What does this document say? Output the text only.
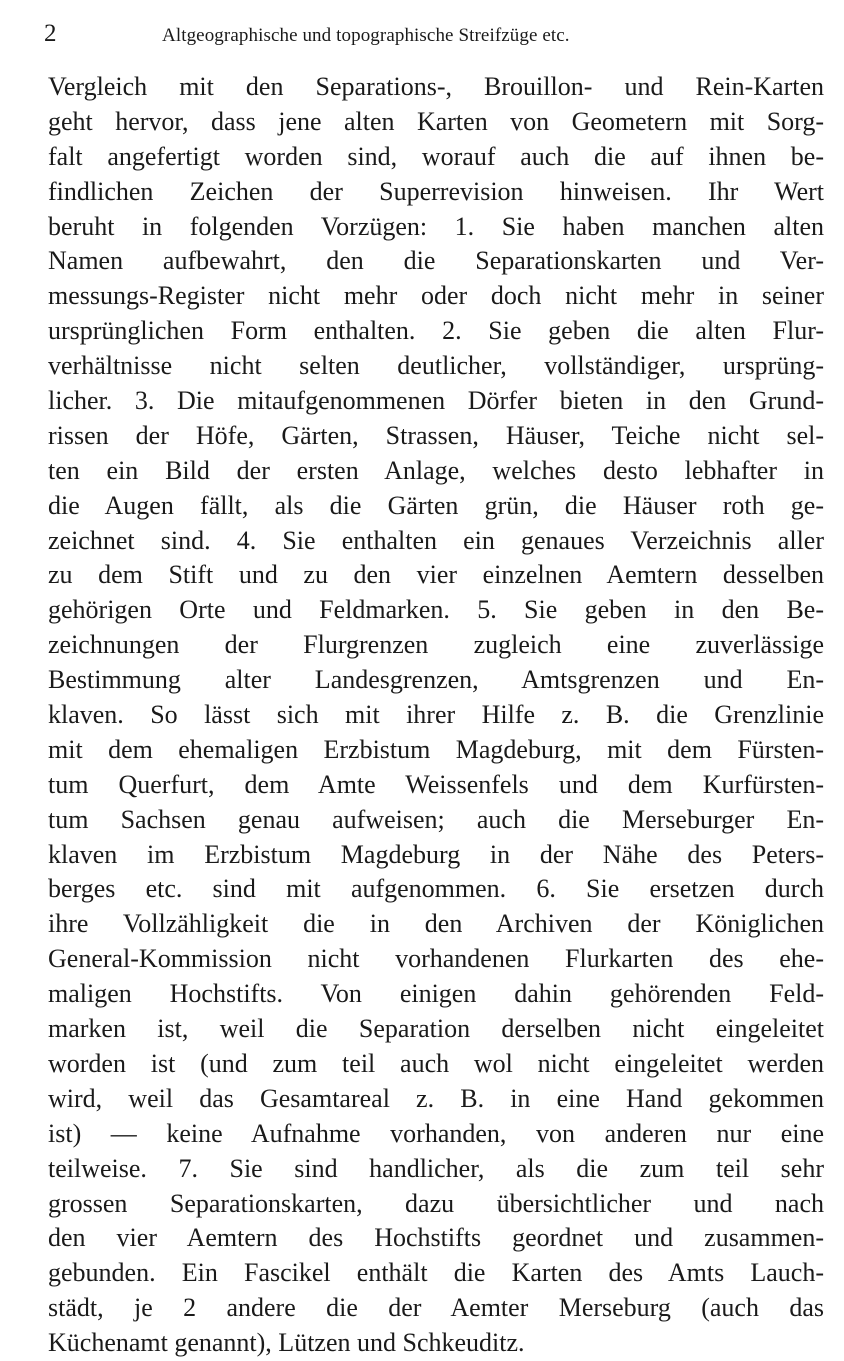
2	Altgeographische und topographische Streifzüge etc.
Vergleich mit den Separations-, Brouillon- und Rein-Karten
geht hervor, dass jene alten Karten von Geometern mit Sorg-
falt angefertigt worden sind, worauf auch die auf ihnen be-
findlichen Zeichen der Superrevision hinweisen. Ihr Wert
beruht in folgenden Vorzügen: 1. Sie haben manchen alten
Namen aufbewahrt, den die Separationskarten und Ver-
messungs-Register nicht mehr oder doch nicht mehr in seiner
ursprünglichen Form enthalten. 2. Sie geben die alten Flur-
verhältnisse nicht selten deutlicher, vollständiger, ursprüng-
licher. 3. Die mitaufgenommenen Dörfer bieten in den Grund-
rissen der Höfe, Gärten, Strassen, Häuser, Teiche nicht sel-
ten ein Bild der ersten Anlage, welches desto lebhafter in
die Augen fällt, als die Gärten grün, die Häuser roth ge-
zeichnet sind. 4. Sie enthalten ein genaues Verzeichnis aller
zu dem Stift und zu den vier einzelnen Aemtern desselben
gehörigen Orte und Feldmarken. 5. Sie geben in den Be-
zeichnungen der Flurgrenzen zugleich eine zuverlässige
Bestimmung alter Landesgrenzen, Amtsgrenzen und En-
klaven. So lässt sich mit ihrer Hilfe z. B. die Grenzlinie
mit dem ehemaligen Erzbistum Magdeburg, mit dem Fürsten-
tum Querfurt, dem Amte Weissenfels und dem Kurfürsten-
tum Sachsen genau aufweisen; auch die Merseburger En-
klaven im Erzbistum Magdeburg in der Nähe des Peters-
berges etc. sind mit aufgenommen. 6. Sie ersetzen durch
ihre Vollzähligkeit die in den Archiven der Königlichen
General-Kommission nicht vorhandenen Flurkarten des ehe-
maligen Hochstifts. Von einigen dahin gehörenden Feld-
marken ist, weil die Separation derselben nicht eingeleitet
worden ist (und zum teil auch wol nicht eingeleitet werden
wird, weil das Gesamtareal z. B. in eine Hand gekommen
ist) — keine Aufnahme vorhanden, von anderen nur eine
teilweise. 7. Sie sind handlicher, als die zum teil sehr
grossen Separationskarten, dazu übersichtlicher und nach
den vier Aemtern des Hochstifts geordnet und zusammen-
gebunden. Ein Fascikel enthält die Karten des Amts Lauch-
städt, je 2 andere die der Aemter Merseburg (auch das
Küchenamt genannt), Lützen und Schkeuditz.
